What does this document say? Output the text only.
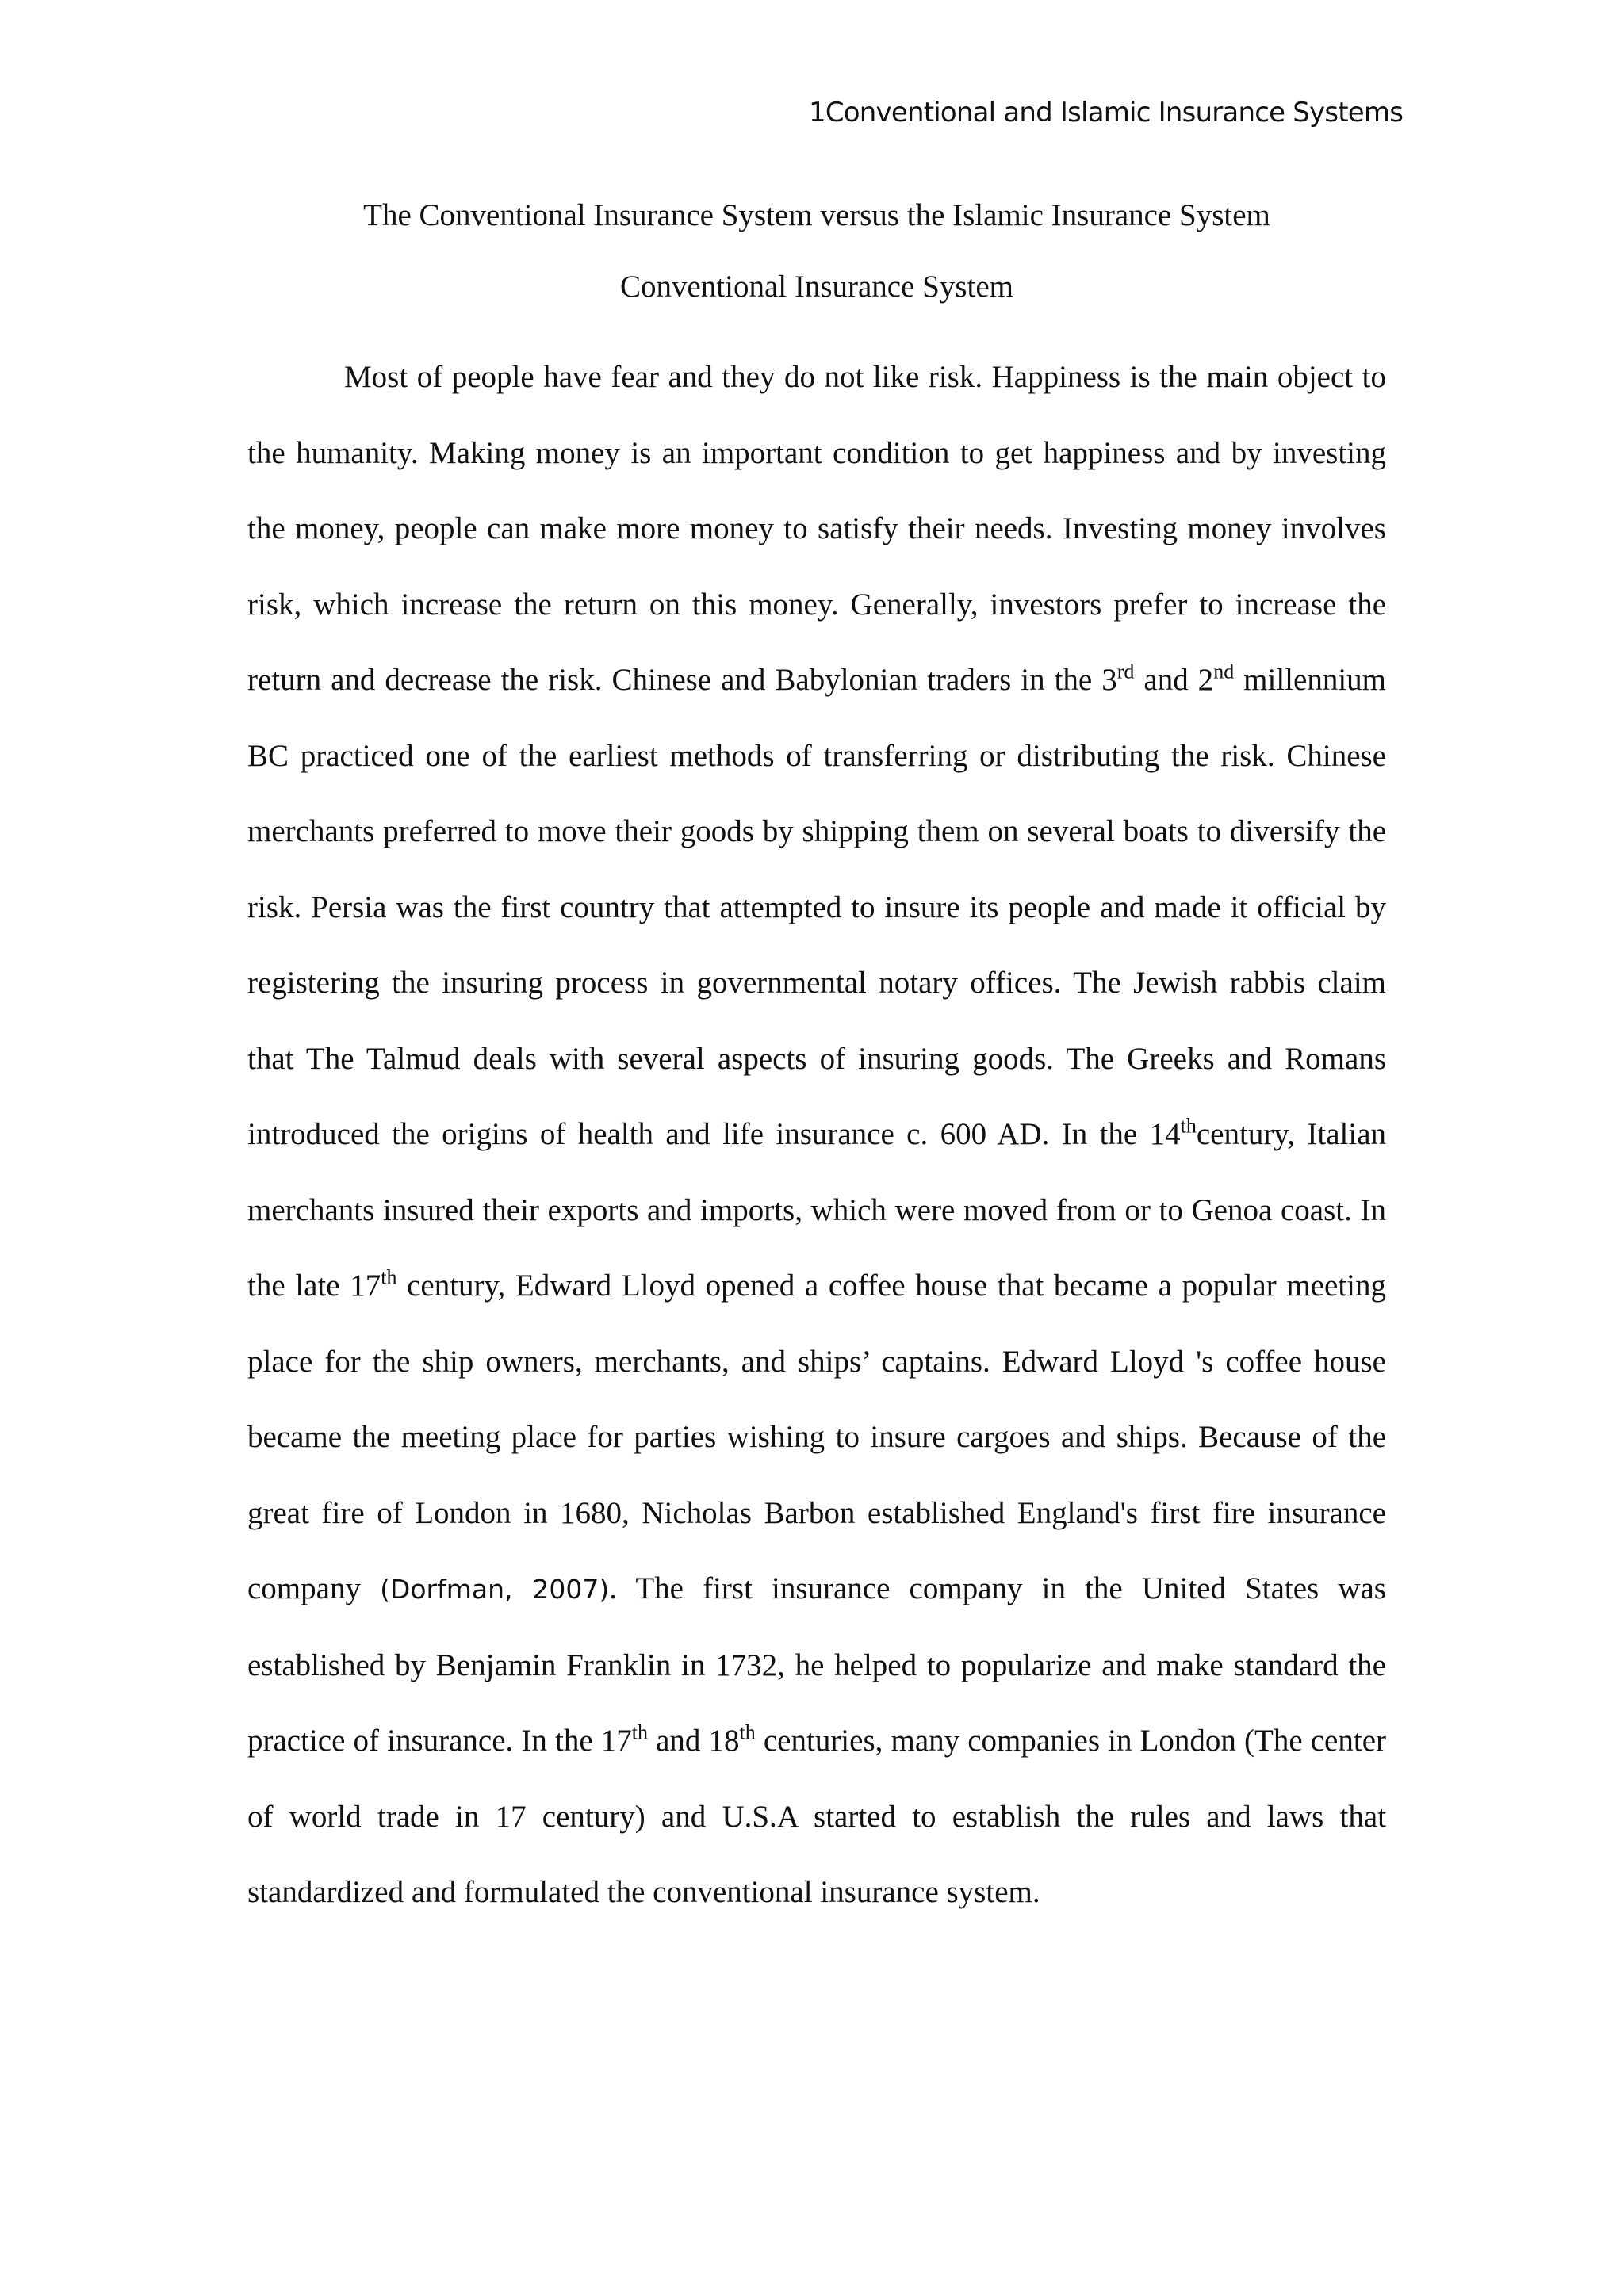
1Conventional and Islamic Insurance Systems
The Conventional Insurance System versus the Islamic Insurance System
Conventional Insurance System

Most of people have fear and they do not like risk. Happiness is the main object to the humanity. Making money is an important condition to get happiness and by investing the money, people can make more money to satisfy their needs. Investing money involves risk, which increase the return on this money. Generally, investors prefer to increase the return and decrease the risk. Chinese and Babylonian traders in the 3rd and 2nd millennium BC practiced one of the earliest methods of transferring or distributing the risk. Chinese merchants preferred to move their goods by shipping them on several boats to diversify the risk. Persia was the first country that attempted to insure its people and made it official by registering the insuring process in governmental notary offices. The Jewish rabbis claim that The Talmud deals with several aspects of insuring goods. The Greeks and Romans introduced the origins of health and life insurance c. 600 AD. In the 14thcentury, Italian merchants insured their exports and imports, which were moved from or to Genoa coast. In the late 17th century, Edward Lloyd opened a coffee house that became a popular meeting place for the ship owners, merchants, and ships’ captains. Edward Lloyd 's coffee house became the meeting place for parties wishing to insure cargoes and ships. Because of the great fire of London in 1680, Nicholas Barbon established England's first fire insurance company (Dorfman, 2007). The first insurance company in the United States was established by Benjamin Franklin in 1732, he helped to popularize and make standard the practice of insurance. In the 17th and 18th centuries, many companies in London (The center of world trade in 17 century) and U.S.A started to establish the rules and laws that standardized and formulated the conventional insurance system.
